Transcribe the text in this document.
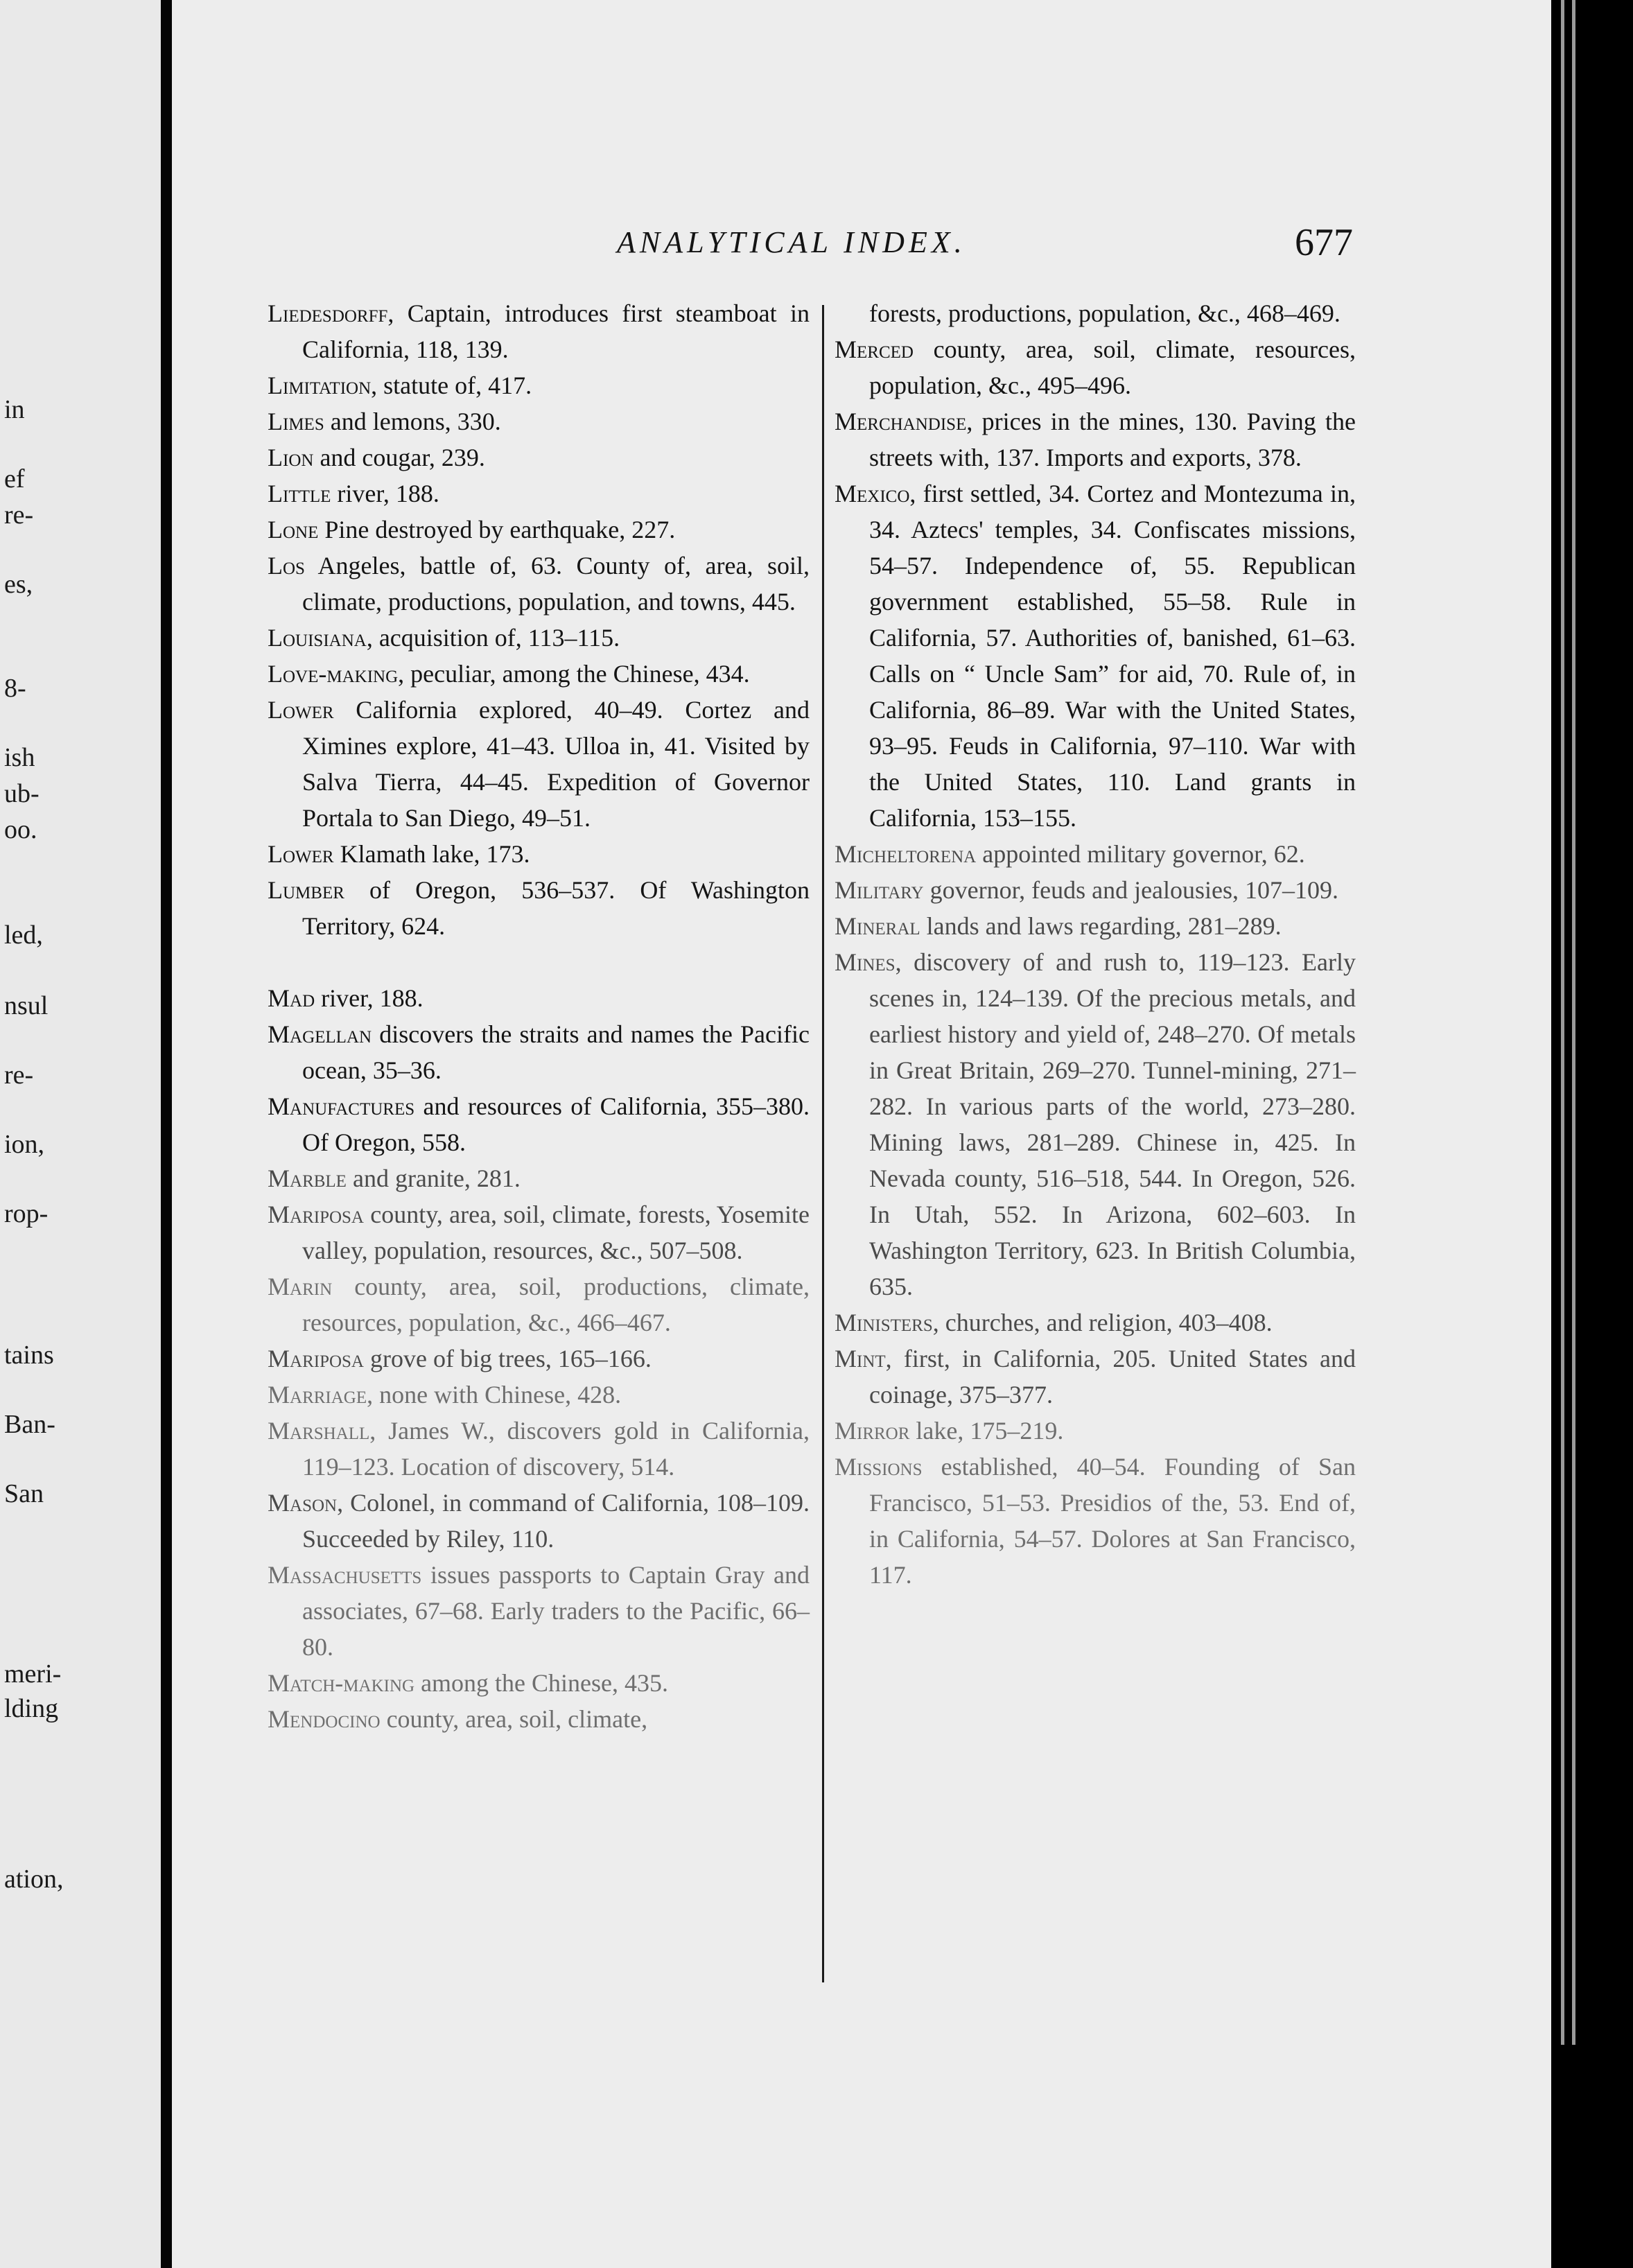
in
ef
re-
es,
8-
ish
ub-
oo.
led,
nsul
re-
ion,
rop-
tains
Ban-
San
meri-
lding
ation,
ANALYTICAL INDEX.	677

Liedesdorff, Captain, introduces first steamboat in California, 118, 139.

Limitation, statute of, 417.

Limes and lemons, 330.

Lion and cougar, 239.

Little river, 188.

Lone Pine destroyed by earthquake, 227.

Los Angeles, battle of, 63. County of, area, soil, climate, productions, population, and towns, 445.

Louisiana, acquisition of, 113–115.

Love-making, peculiar, among the Chinese, 434.

Lower California explored, 40–49. Cortez and Ximines explore, 41–43. Ulloa in, 41. Visited by Salva Tierra, 44–45. Expedition of Governor Portala to San Diego, 49–51.

Lower Klamath lake, 173.

Lumber of Oregon, 536–537. Of Washington Territory, 624.

Mad river, 188.

Magellan discovers the straits and names the Pacific ocean, 35–36.

Manufactures and resources of California, 355–380. Of Oregon, 558.

Marble and granite, 281.

Mariposa county, area, soil, climate, forests, Yosemite valley, population, resources, &c., 507–508.

Marin county, area, soil, productions, climate, resources, population, &c., 466–467.

Mariposa grove of big trees, 165–166.

Marriage, none with Chinese, 428.

Marshall, James W., discovers gold in California, 119–123. Location of discovery, 514.

Mason, Colonel, in command of California, 108–109. Succeeded by Riley, 110.

Massachusetts issues passports to Captain Gray and associates, 67–68. Early traders to the Pacific, 66–80.

Match-making among the Chinese, 435.

Mendocino county, area, soil, climate,

forests, productions, population, &c., 468–469.

Merced county, area, soil, climate, resources, population, &c., 495–496.

Merchandise, prices in the mines, 130. Paving the streets with, 137. Imports and exports, 378.

Mexico, first settled, 34. Cortez and Montezuma in, 34. Aztecs' temples, 34. Confiscates missions, 54–57. Independence of, 55. Republican government established, 55–58. Rule in California, 57. Authorities of, banished, 61–63. Calls on “ Uncle Sam” for aid, 70. Rule of, in California, 86–89. War with the United States, 93–95. Feuds in California, 97–110. War with the United States, 110. Land grants in California, 153–155.

Micheltorena appointed military governor, 62.

Military governor, feuds and jealousies, 107–109.

Mineral lands and laws regarding, 281–289.

Mines, discovery of and rush to, 119–123. Early scenes in, 124–139. Of the precious metals, and earliest history and yield of, 248–270. Of metals in Great Britain, 269–270. Tunnel-mining, 271–282. In various parts of the world, 273–280. Mining laws, 281–289. Chinese in, 425. In Nevada county, 516–518, 544. In Oregon, 526. In Utah, 552. In Arizona, 602–603. In Washington Territory, 623. In British Columbia, 635.

Ministers, churches, and religion, 403–408.

Mint, first, in California, 205. United States and coinage, 375–377.

Mirror lake, 175–219.

Missions established, 40–54. Founding of San Francisco, 51–53. Presidios of the, 53. End of, in California, 54–57. Dolores at San Francisco, 117.
